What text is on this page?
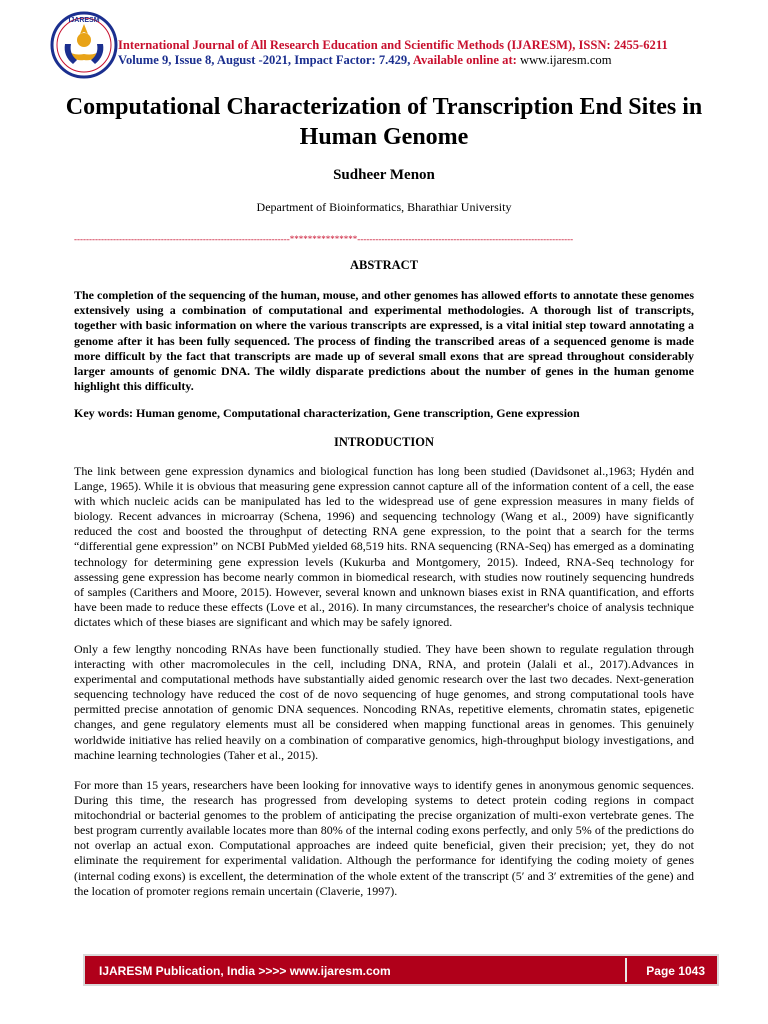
IJARESM
International Journal of All Research Education and Scientific Methods (IJARESM), ISSN: 2455-6211
Volume 9, Issue 8, August -2021, Impact Factor: 7.429, Available online at: www.ijaresm.com
Computational Characterization of Transcription End Sites in Human Genome
Sudheer Menon
Department of Bioinformatics, Bharathiar University
------------------------------------------------------------------------***************------------------------------------------------------------------------
ABSTRACT
The completion of the sequencing of the human, mouse, and other genomes has allowed efforts to annotate these genomes extensively using a combination of computational and experimental methodologies. A thorough list of transcripts, together with basic information on where the various transcripts are expressed, is a vital initial step toward annotating a genome after it has been fully sequenced. The process of finding the transcribed areas of a sequenced genome is made more difficult by the fact that transcripts are made up of several small exons that are spread throughout considerably larger amounts of genomic DNA. The wildly disparate predictions about the number of genes in the human genome highlight this difficulty.
Key words: Human genome, Computational characterization, Gene transcription, Gene expression
INTRODUCTION
The link between gene expression dynamics and biological function has long been studied (Davidsonet al.,1963; Hydén and Lange, 1965). While it is obvious that measuring gene expression cannot capture all of the information content of a cell, the ease with which nucleic acids can be manipulated has led to the widespread use of gene expression measures in many fields of biology. Recent advances in microarray (Schena, 1996) and sequencing technology (Wang et al., 2009) have significantly reduced the cost and boosted the throughput of detecting RNA gene expression, to the point that a search for the terms “differential gene expression” on NCBI PubMed yielded 68,519 hits. RNA sequencing (RNA-Seq) has emerged as a dominating technology for determining gene expression levels (Kukurba and Montgomery, 2015). Indeed, RNA-Seq technology for assessing gene expression has become nearly common in biomedical research, with studies now routinely sequencing hundreds of samples (Carithers and Moore, 2015). However, several known and unknown biases exist in RNA quantification, and efforts have been made to reduce these effects (Love et al., 2016). In many circumstances, the researcher's choice of analysis technique dictates which of these biases are significant and which may be safely ignored.
Only a few lengthy noncoding RNAs have been functionally studied. They have been shown to regulate regulation through interacting with other macromolecules in the cell, including DNA, RNA, and protein (Jalali et al., 2017).Advances in experimental and computational methods have substantially aided genomic research over the last two decades. Next-generation sequencing technology have reduced the cost of de novo sequencing of huge genomes, and strong computational tools have permitted precise annotation of genomic DNA sequences. Noncoding RNAs, repetitive elements, chromatin states, epigenetic changes, and gene regulatory elements must all be considered when mapping functional areas in genomes. This genuinely worldwide initiative has relied heavily on a combination of comparative genomics, high-throughput biology investigations, and machine learning technologies (Taher et al., 2015).
For more than 15 years, researchers have been looking for innovative ways to identify genes in anonymous genomic sequences. During this time, the research has progressed from developing systems to detect protein coding regions in compact mitochondrial or bacterial genomes to the problem of anticipating the precise organization of multi-exon vertebrate genes. The best program currently available locates more than 80% of the internal coding exons perfectly, and only 5% of the predictions do not overlap an actual exon. Computational approaches are indeed quite beneficial, given their precision; yet, they do not eliminate the requirement for experimental validation. Although the performance for identifying the coding moiety of genes (internal coding exons) is excellent, the determination of the whole extent of the transcript (5′ and 3′ extremities of the gene) and the location of promoter regions remain uncertain (Claverie, 1997).
IJARESM Publication, India >>>> www.ijaresm.com	Page 1043
